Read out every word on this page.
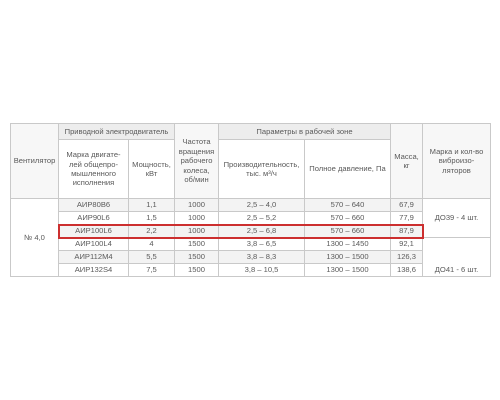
Вентилятор	Приводной электродвигатель		Частота вращения рабочего колеса, об/мин	Параметры в рабочей зоне		Масса, кг	Марка и кол-во виброизо-ляторов
	Марка двигате-лей общепро-мышленного исполнения	Мощность, кВт		Производительность, тыс. м³/ч	Полное давление, Па		
№ 4,0	АИР80В6	1,1	1000	2,5 – 4,0	570 – 640	67,9	ДО39 - 4 шт.
	АИР90L6	1,5	1000	2,5 – 5,2	570 – 660	77,9	
	АИР100L6	2,2	1000	2,5 – 6,8	570 – 660	87,9	
	АИР100L4	4	1500	3,8 – 6,5	1300 – 1450	92,1	ДО41 - 6 шт.

	АИР112М4	5,5	1500	3,8 – 8,3	1300 – 1500	126,3	
	АИР132S4	7,5	1500	3,8 – 10,5	1300 – 1500	138,6	
